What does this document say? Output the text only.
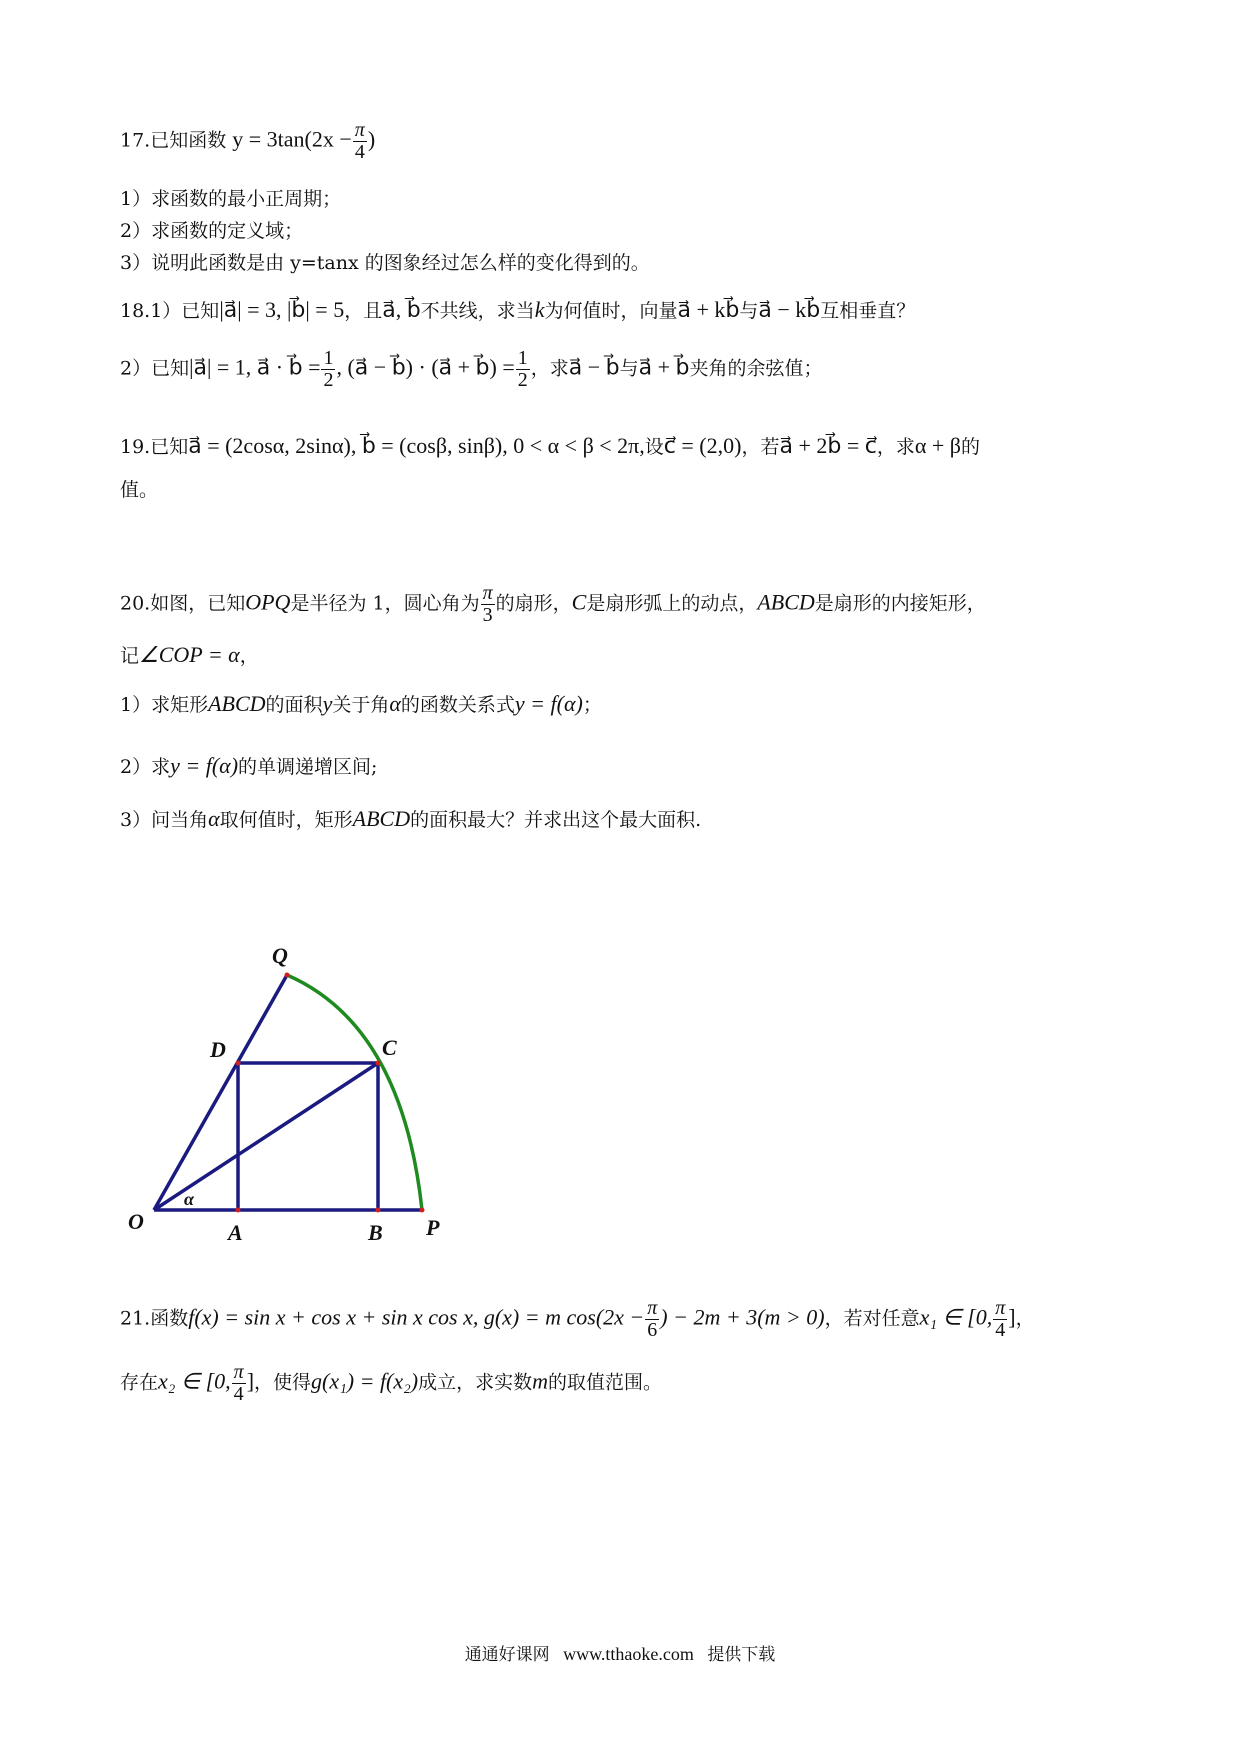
17.已知函数 $y = 3\tan(2x - \frac{\pi}{4}$ )
1）求函数的最小正周期；
2）求函数的定义域；
3）说明此函数是由 y=tanx 的图象经过怎么样的变化得到的。
18.1）已知|a⃗| = 3, |b⃗| = 5，且a⃗, b⃗不共线，求当k为何值时，向量a⃗ + kb⃗与a⃗ − kb⃗互相垂直？
2）已知|a⃗| = 1, a⃗ · b⃗ = $\frac{1}{2}$ , (a⃗ − b⃗) · (a⃗ + b⃗) = $\frac{1}{2}$ ，求a⃗ − b⃗与a⃗ + b⃗夹角的余弦值；
19.已知a⃗ = (2cosα, 2sinα), b⃗ = (cosβ, sinβ), 0 < α < β < 2π,设c⃗ = (2,0)，若a⃗ + 2b⃗ = c⃗，求α + β的
值。
20.如图，已知OPQ是半径为 1，圆心角为 $\frac{\pi}{3}$ 的扇形，C是扇形弧上的动点，ABCD是扇形的内接矩形，
记∠COP = α，
1）求矩形ABCD的面积y关于角α的函数关系式y = f(α)；
2）求y = f(α)的单调递增区间;
3）问当角α取何值时，矩形ABCD的面积最大？并求出这个最大面积.
Q
D	C
O	A	B P
α
21.函数f(x) = sin x + cos x + sin x cos x, g(x) = m $\cos(2x - \frac{\pi}{6}$ ) − 2m + 3(m > 0)，若对任意x₁ ∈ [0, $\frac{\pi}{4}$ ]，
存在x₂ ∈ [0, $\frac{\pi}{4}$ ]，使得g(x₁) = f(x₂)成立，求实数m的取值范围。
通通好课网 www.tthaoke.com 提供下载
